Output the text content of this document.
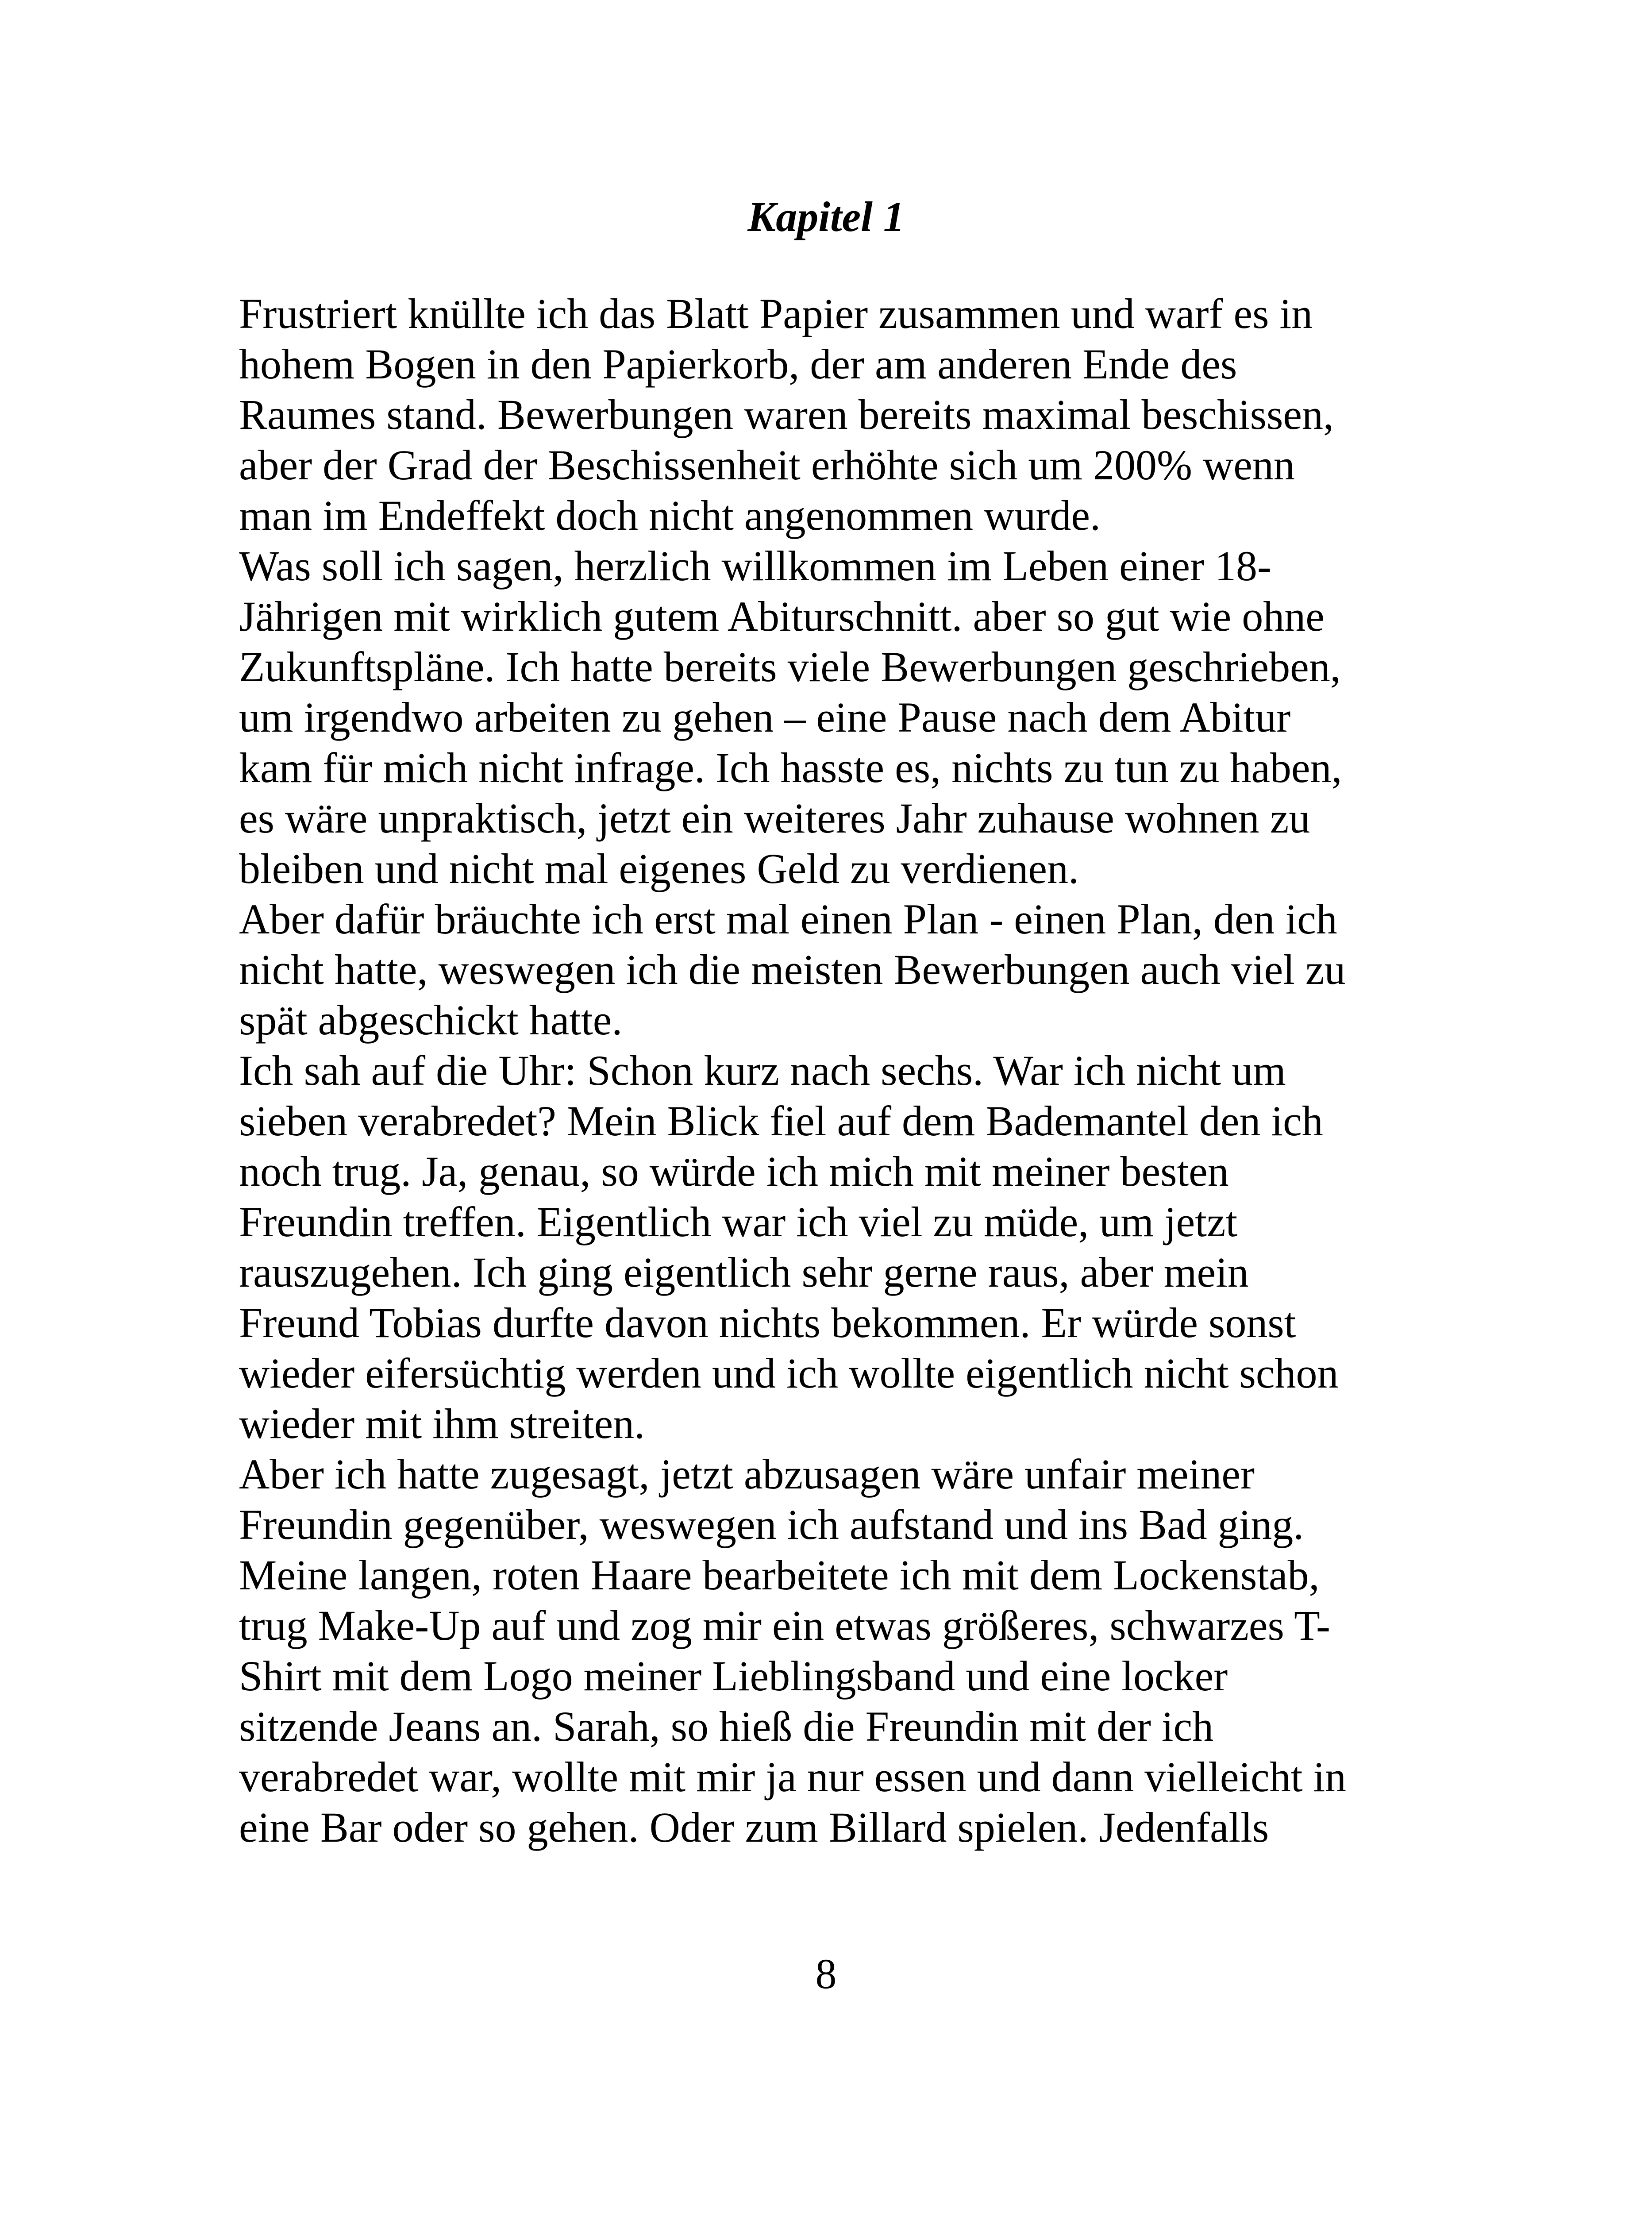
Kapitel 1
Frustriert knüllte ich das Blatt Papier zusammen und warf es in
hohem Bogen in den Papierkorb, der am anderen Ende des
Raumes stand. Bewerbungen waren bereits maximal beschissen,
aber der Grad der Beschissenheit erhöhte sich um 200% wenn
man im Endeffekt doch nicht angenommen wurde.
Was soll ich sagen, herzlich willkommen im Leben einer 18-
Jährigen mit wirklich gutem Abiturschnitt. aber so gut wie ohne
Zukunftspläne. Ich hatte bereits viele Bewerbungen geschrieben,
um irgendwo arbeiten zu gehen – eine Pause nach dem Abitur
kam für mich nicht infrage. Ich hasste es, nichts zu tun zu haben,
es wäre unpraktisch, jetzt ein weiteres Jahr zuhause wohnen zu
bleiben und nicht mal eigenes Geld zu verdienen.
Aber dafür bräuchte ich erst mal einen Plan - einen Plan, den ich
nicht hatte, weswegen ich die meisten Bewerbungen auch viel zu
spät abgeschickt hatte.
Ich sah auf die Uhr: Schon kurz nach sechs. War ich nicht um
sieben verabredet? Mein Blick fiel auf dem Bademantel den ich
noch trug. Ja, genau, so würde ich mich mit meiner besten
Freundin treffen. Eigentlich war ich viel zu müde, um jetzt
rauszugehen. Ich ging eigentlich sehr gerne raus, aber mein
Freund Tobias durfte davon nichts bekommen. Er würde sonst
wieder eifersüchtig werden und ich wollte eigentlich nicht schon
wieder mit ihm streiten.
Aber ich hatte zugesagt, jetzt abzusagen wäre unfair meiner
Freundin gegenüber, weswegen ich aufstand und ins Bad ging.
Meine langen, roten Haare bearbeitete ich mit dem Lockenstab,
trug Make-Up auf und zog mir ein etwas größeres, schwarzes T-
Shirt mit dem Logo meiner Lieblingsband und eine locker
sitzende Jeans an. Sarah, so hieß die Freundin mit der ich
verabredet war, wollte mit mir ja nur essen und dann vielleicht in
eine Bar oder so gehen. Oder zum Billard spielen. Jedenfalls
8
